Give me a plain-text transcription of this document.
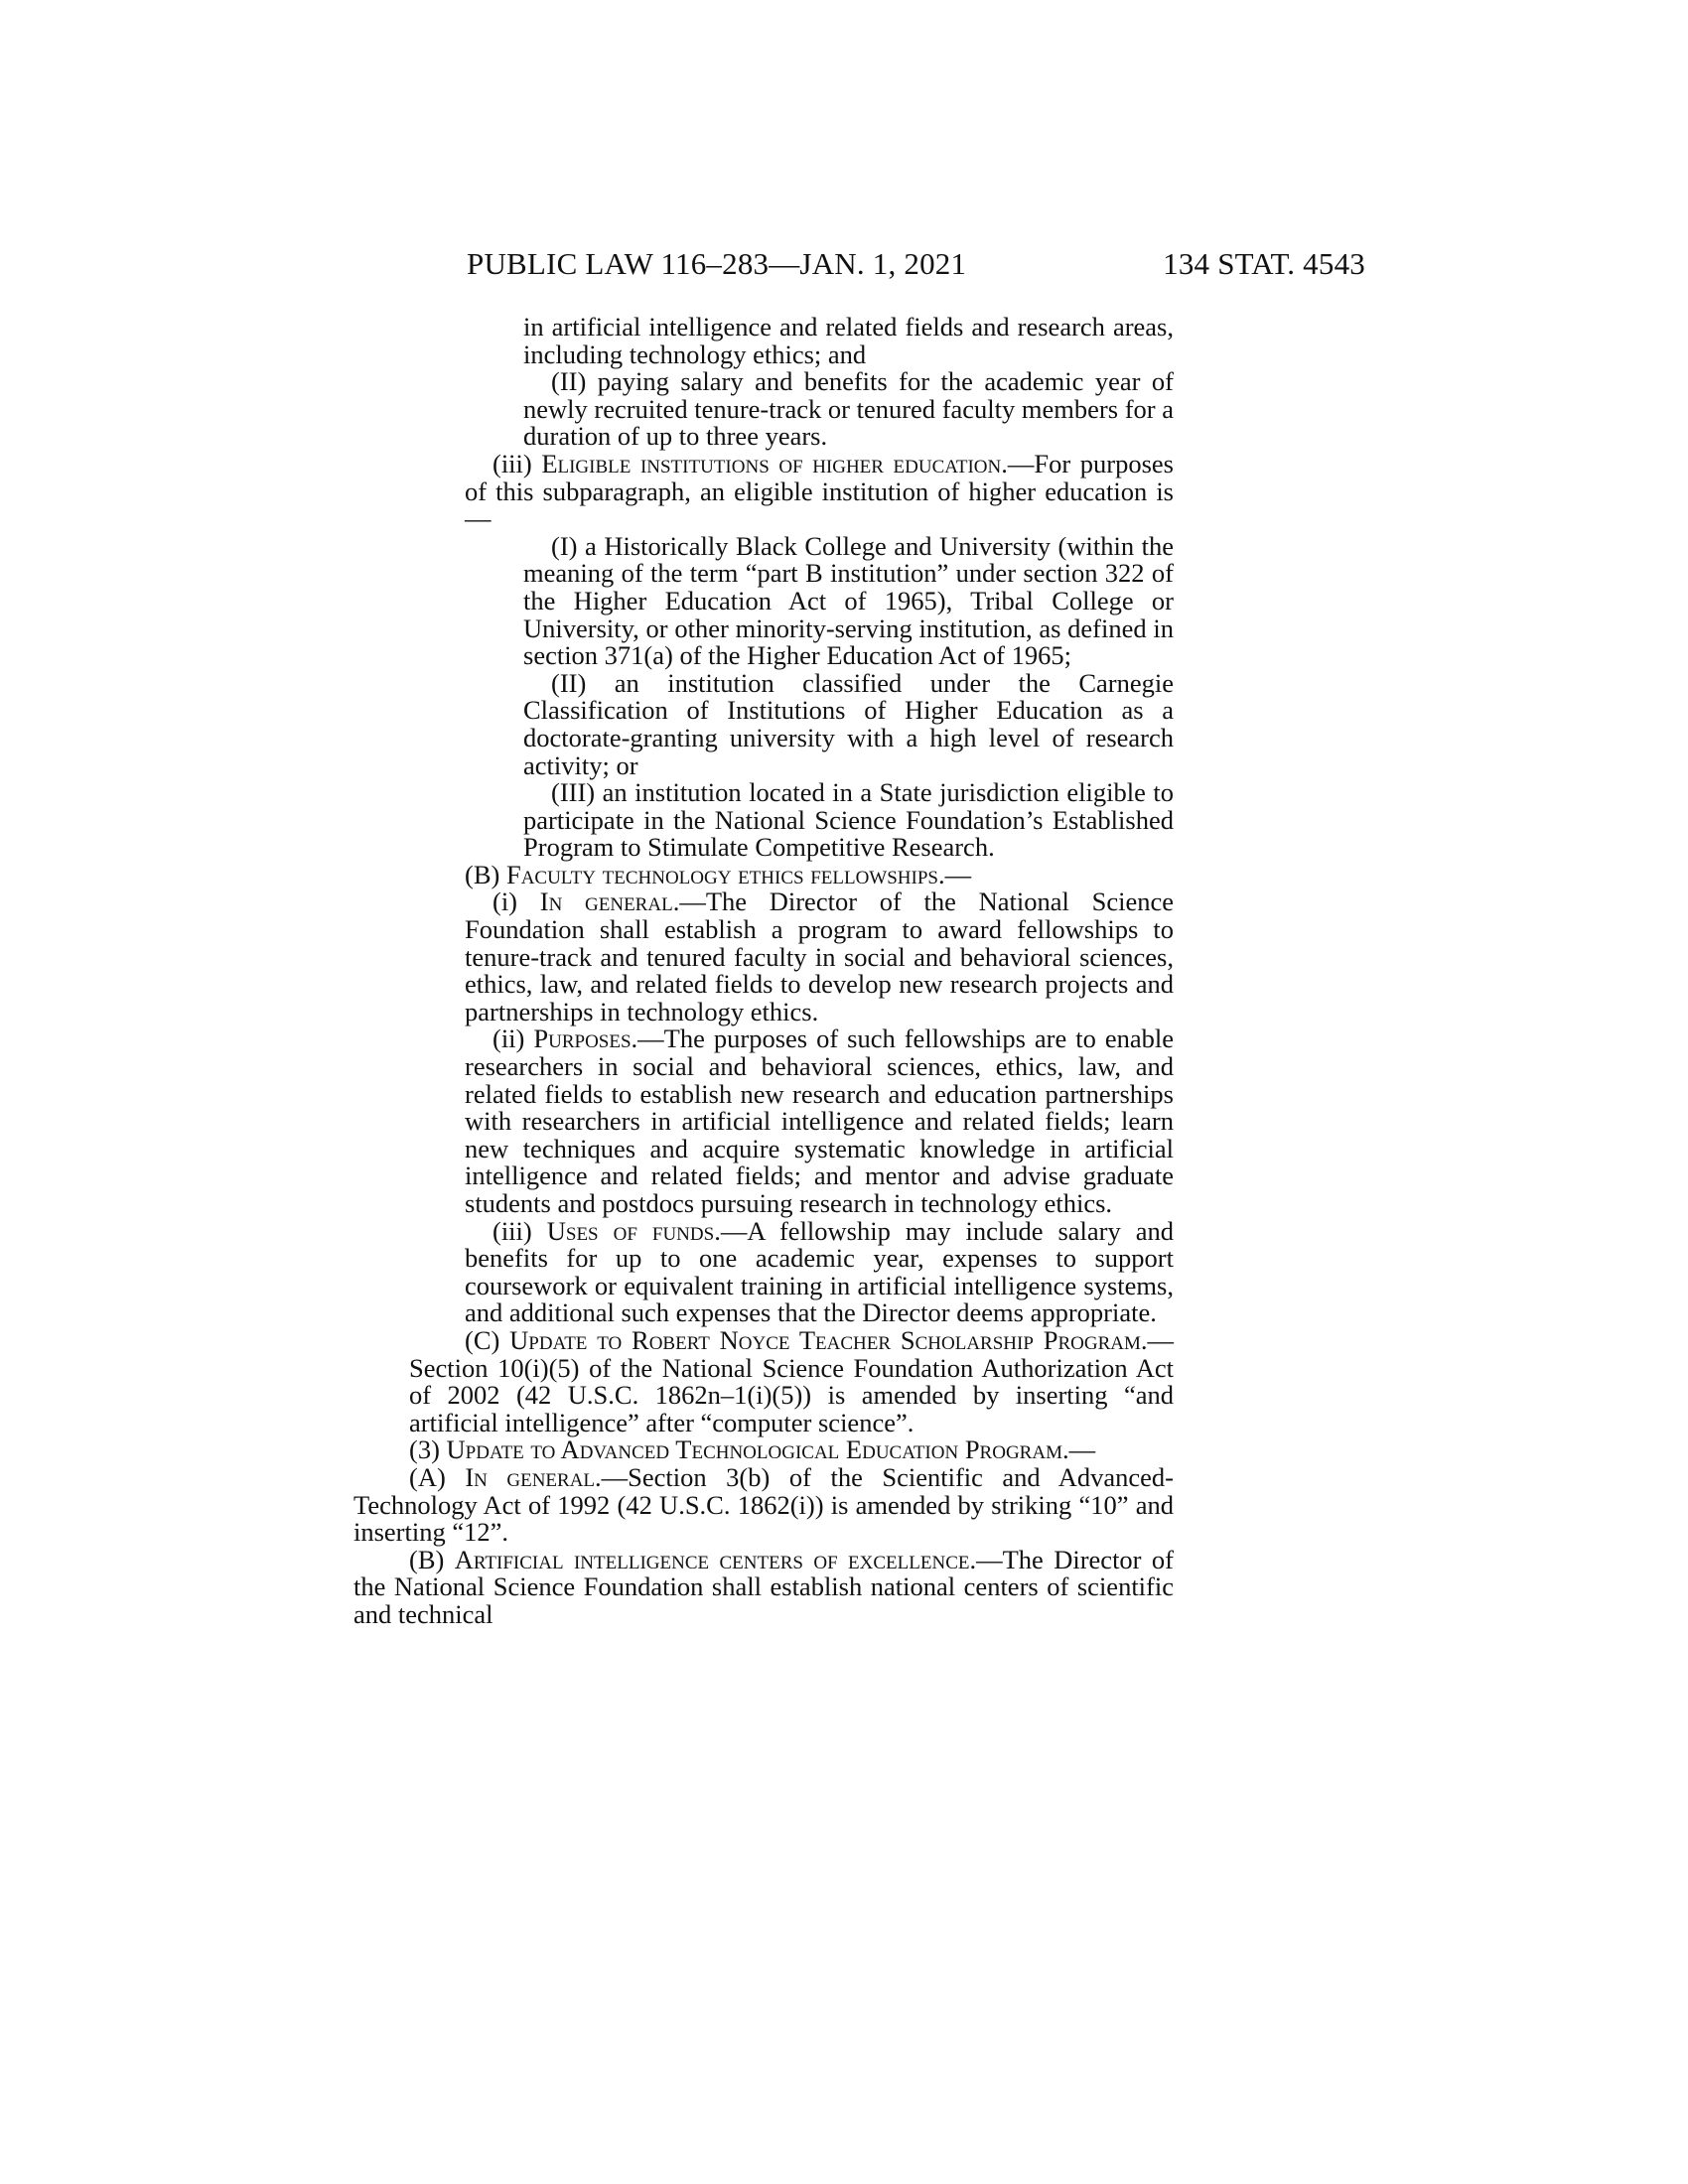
PUBLIC LAW 116–283—JAN. 1, 2021	134 STAT. 4543

in artificial intelligence and related fields and research areas, including technology ethics; and

(II) paying salary and benefits for the academic year of newly recruited tenure-track or tenured faculty members for a duration of up to three years.

(iii) Eligible institutions of higher education.—For purposes of this subparagraph, an eligible institution of higher education is—

(I) a Historically Black College and University (within the meaning of the term “part B institution” under section 322 of the Higher Education Act of 1965), Tribal College or University, or other minority-serving institution, as defined in section 371(a) of the Higher Education Act of 1965;

(II) an institution classified under the Carnegie Classification of Institutions of Higher Education as a doctorate-granting university with a high level of research activity; or

(III) an institution located in a State jurisdiction eligible to participate in the National Science Foundation’s Established Program to Stimulate Competitive Research.

(B) Faculty technology ethics fellowships.—

(i) In general.—The Director of the National Science Foundation shall establish a program to award fellowships to tenure-track and tenured faculty in social and behavioral sciences, ethics, law, and related fields to develop new research projects and partnerships in technology ethics.

(ii) Purposes.—The purposes of such fellowships are to enable researchers in social and behavioral sciences, ethics, law, and related fields to establish new research and education partnerships with researchers in artificial intelligence and related fields; learn new techniques and acquire systematic knowledge in artificial intelligence and related fields; and mentor and advise graduate students and postdocs pursuing research in technology ethics.

(iii) Uses of funds.—A fellowship may include salary and benefits for up to one academic year, expenses to support coursework or equivalent training in artificial intelligence systems, and additional such expenses that the Director deems appropriate.

(C) Update to Robert Noyce Teacher Scholarship Program.—Section 10(i)(5) of the National Science Foundation Authorization Act of 2002 (42 U.S.C. 1862n–1(i)(5)) is amended by inserting “and artificial intelligence” after “computer science”.

(3) Update to Advanced Technological Education Program.—

(A) In general.—Section 3(b) of the Scientific and Advanced-Technology Act of 1992 (42 U.S.C. 1862(i)) is amended by striking “10” and inserting “12”.

(B) Artificial intelligence centers of excellence.—The Director of the National Science Foundation shall establish national centers of scientific and technical
